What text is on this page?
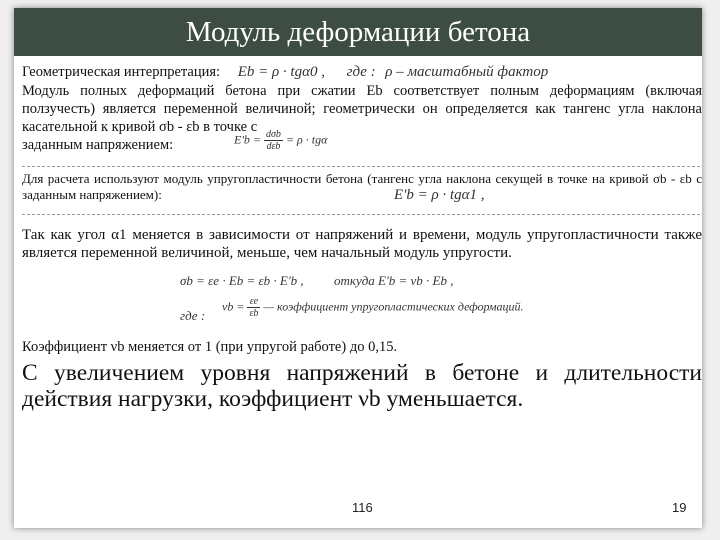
Модуль деформации бетона
Геометрическая интерпретация: Eb = ρ · tgα0 , где : ρ – масштабный фактор
Модуль полных деформаций бетона при сжатии Eb соответствует полным деформациям (включая ползучесть) является переменной величиной; геометрически он определяется как тангенс угла наклона касательной к кривой σb - εb в точке с
заданным напряжением:	$E'b = \frac{\text{dσb}}{\text{dεb}} = \rho \cdot tg\alpha$
Для расчета используют модуль упругопластичности бетона (тангенс угла наклона секущей в точке на кривой σb - εb с заданным напряжением):	E'b = ρ · tgα1 ,
Так как угол α1 меняется в зависимости от напряжений и времени, модуль упругопластичности также является переменной величиной, меньше, чем начальный модуль упругости.
σb = εe · Eb = εb · E'b , откуда E'b = νb · Eb ,
где :
$\nu b = \frac{\varepsilon e}{\varepsilon b}$ — коэффициент упругопластических деформаций.
Коэффициент νb меняется от 1 (при упругой работе) до 0,15.
С увеличением уровня напряжений в бетоне и длительности действия нагрузки, коэффициент νb уменьшается.
116	19
